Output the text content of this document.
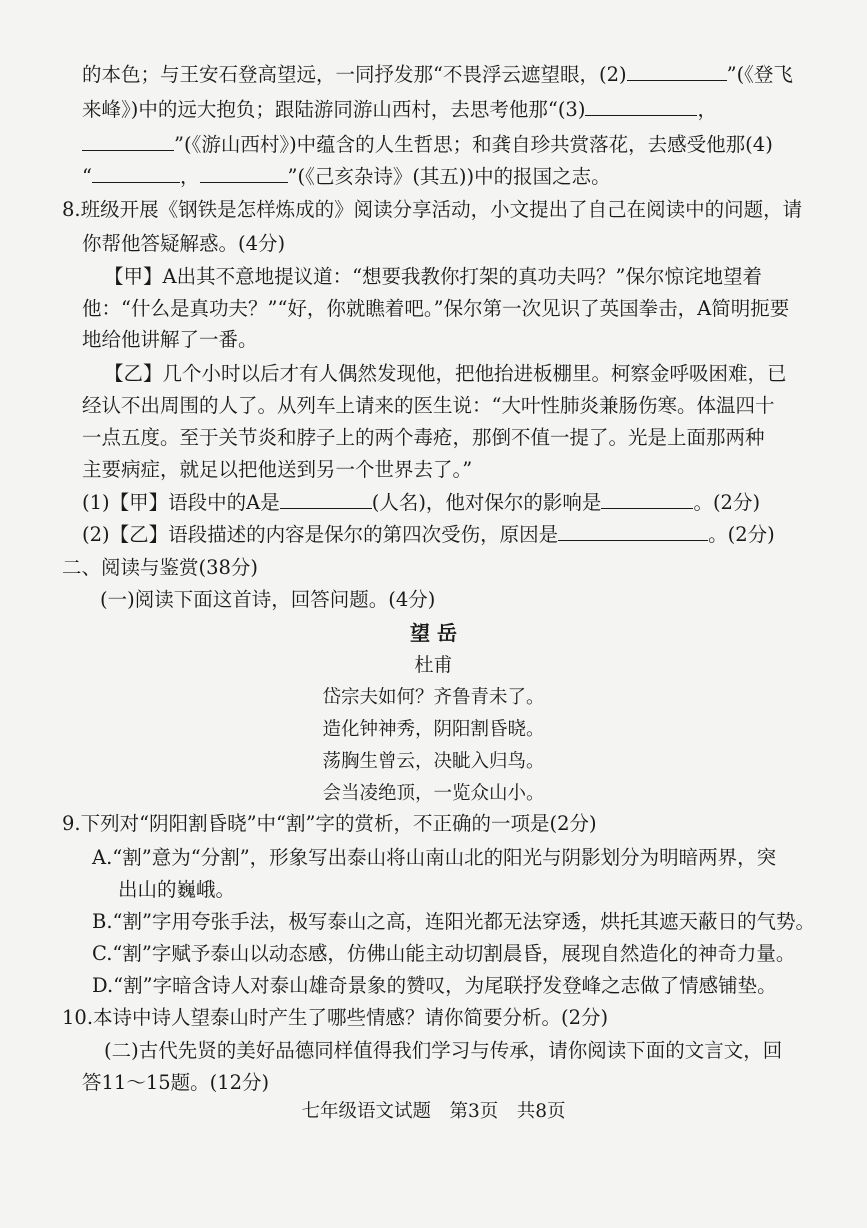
的本色；与王安石登高望远，一同抒发那“不畏浮云遮望眼，(2)	”(《登飞
来峰》)中的远大抱负；跟陆游同游山西村，去思考他那“(3)	，
”(《游山西村》)中蕴含的人生哲思；和龚自珍共赏落花，去感受他那(4)
“	，	”(《己亥杂诗》(其五))中的报国之志。
8.班级开展《钢铁是怎样炼成的》阅读分享活动，小文提出了自己在阅读中的问题，请
你帮他答疑解惑。(4分)
【甲】A出其不意地提议道：“想要我教你打架的真功夫吗？”保尔惊诧地望着
他：“什么是真功夫？”“好，你就瞧着吧。”保尔第一次见识了英国拳击，A简明扼要
地给他讲解了一番。
【乙】几个小时以后才有人偶然发现他，把他抬进板棚里。柯察金呼吸困难，已
经认不出周围的人了。从列车上请来的医生说：“大叶性肺炎兼肠伤寒。体温四十
一点五度。至于关节炎和脖子上的两个毒疮，那倒不值一提了。光是上面那两种
主要病症，就足以把他送到另一个世界去了。”
(1)【甲】语段中的A是	(人名)，他对保尔的影响是	。(2分)
(2)【乙】语段描述的内容是保尔的第四次受伤，原因是	。(2分)
二、阅读与鉴赏(38分)
(一)阅读下面这首诗，回答问题。(4分)
望 岳
杜甫
岱宗夫如何？齐鲁青未了。
造化钟神秀，阴阳割昏晓。
荡胸生曾云，决眦入归鸟。
会当凌绝顶，一览众山小。
9.下列对“阴阳割昏晓”中“割”字的赏析，不正确的一项是(2分)
A.“割”意为“分割”，形象写出泰山将山南山北的阳光与阴影划分为明暗两界，突
出山的巍峨。
B.“割”字用夸张手法，极写泰山之高，连阳光都无法穿透，烘托其遮天蔽日的气势。
C.“割”字赋予泰山以动态感，仿佛山能主动切割晨昏，展现自然造化的神奇力量。
D.“割”字暗含诗人对泰山雄奇景象的赞叹，为尾联抒发登峰之志做了情感铺垫。
10.本诗中诗人望泰山时产生了哪些情感？请你简要分析。(2分)
(二)古代先贤的美好品德同样值得我们学习与传承，请你阅读下面的文言文，回
答11～15题。(12分)
七年级语文试题　第3页　共8页
